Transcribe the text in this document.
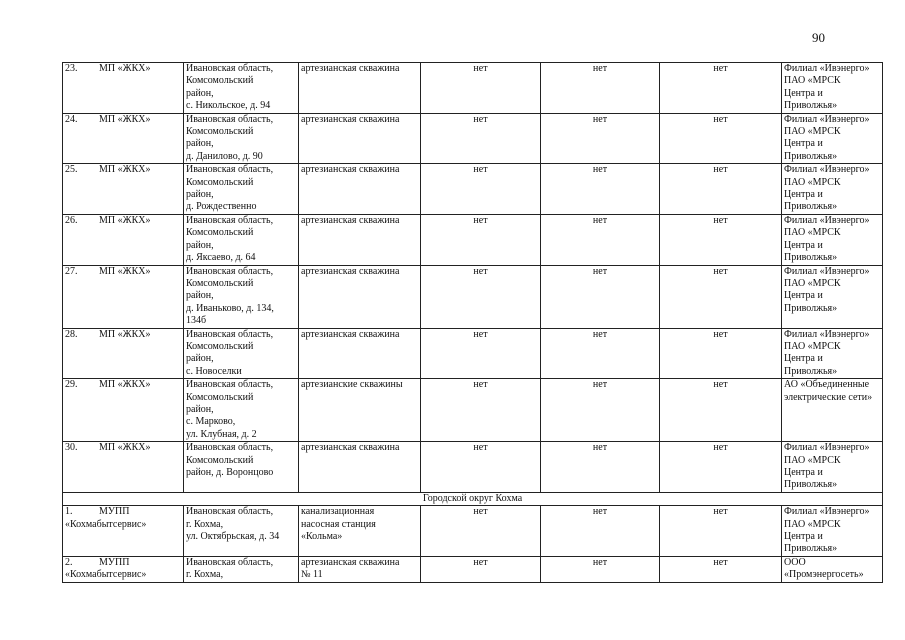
90
23. МП «ЖКХ»	Ивановская область,
Комсомольский
район,
с. Никольское, д. 94	артезианская скважина	нет	нет	нет	Филиал «Ивэнерго»
ПАО «МРСК
Центра и
Приволжья»
24. МП «ЖКХ»	Ивановская область,
Комсомольский
район,
д. Данилово, д. 90	артезианская скважина	нет	нет	нет	Филиал «Ивэнерго»
ПАО «МРСК
Центра и
Приволжья»
25. МП «ЖКХ»	Ивановская область,
Комсомольский
район,
д. Рождественно	артезианская скважина	нет	нет	нет	Филиал «Ивэнерго»
ПАО «МРСК
Центра и
Приволжья»
26. МП «ЖКХ»	Ивановская область,
Комсомольский
район,
д. Яксаево, д. 64	артезианская скважина	нет	нет	нет	Филиал «Ивэнерго»
ПАО «МРСК
Центра и
Приволжья»
27. МП «ЖКХ»	Ивановская область,
Комсомольский
район,
д. Иваньково, д. 134,
134б	артезианская скважина	нет	нет	нет	Филиал «Ивэнерго»
ПАО «МРСК
Центра и
Приволжья»
28. МП «ЖКХ»	Ивановская область,
Комсомольский
район,
с. Новоселки	артезианская скважина	нет	нет	нет	Филиал «Ивэнерго»
ПАО «МРСК
Центра и
Приволжья»
29. МП «ЖКХ»	Ивановская область,
Комсомольский
район,
с. Марково,
ул. Клубная, д. 2	артезианские скважины	нет	нет	нет	АО «Объединенные
электрические сети»
30. МП «ЖКХ»	Ивановская область,
Комсомольский
район, д. Воронцово	артезианская скважина	нет	нет	нет	Филиал «Ивэнерго»
ПАО «МРСК
Центра и
Приволжья»
Городской округ Кохма						
1. МУПП
«Кохмабытсервис»	Ивановская область,
г. Кохма,
ул. Октябрьская, д. 34	канализационная
насосная станция
«Кольма»	нет	нет	нет	Филиал «Ивэнерго»
ПАО «МРСК
Центра и
Приволжья»
2. МУПП
«Кохмабытсервис»	Ивановская область,
г. Кохма,	артезианская скважина
№ 11	нет	нет	нет	ООО
«Промэнергосеть»
